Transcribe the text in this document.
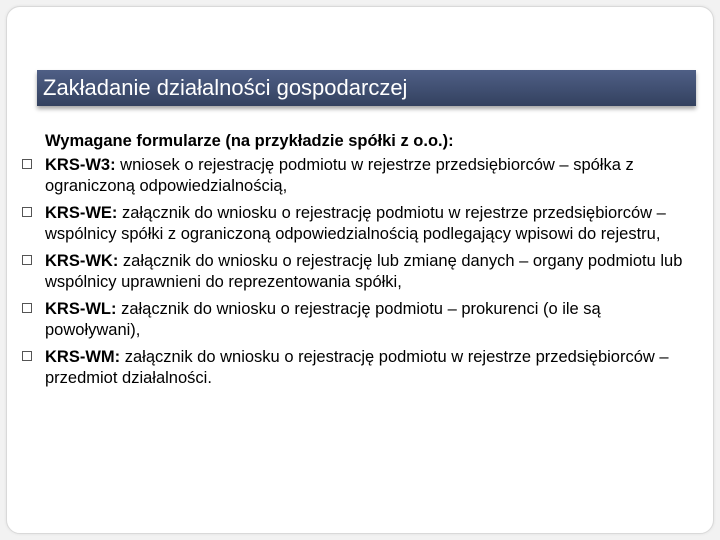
Zakładanie działalności gospodarczej
Wymagane formularze (na przykładzie spółki z o.o.):
KRS-W3: wniosek o rejestrację podmiotu w rejestrze przedsiębiorców – spółka z ograniczoną odpowiedzialnością,
KRS-WE: załącznik do wniosku o rejestrację podmiotu w rejestrze przedsiębiorców – wspólnicy spółki z ograniczoną odpowiedzialnością podlegający wpisowi do rejestru,
KRS-WK: załącznik do wniosku o rejestrację lub zmianę danych – organy podmiotu lub wspólnicy uprawnieni do reprezentowania spółki,
KRS-WL: załącznik do wniosku o rejestrację podmiotu – prokurenci (o ile są powoływani),
KRS-WM: załącznik do wniosku o rejestrację podmiotu w rejestrze przedsiębiorców – przedmiot działalności.
